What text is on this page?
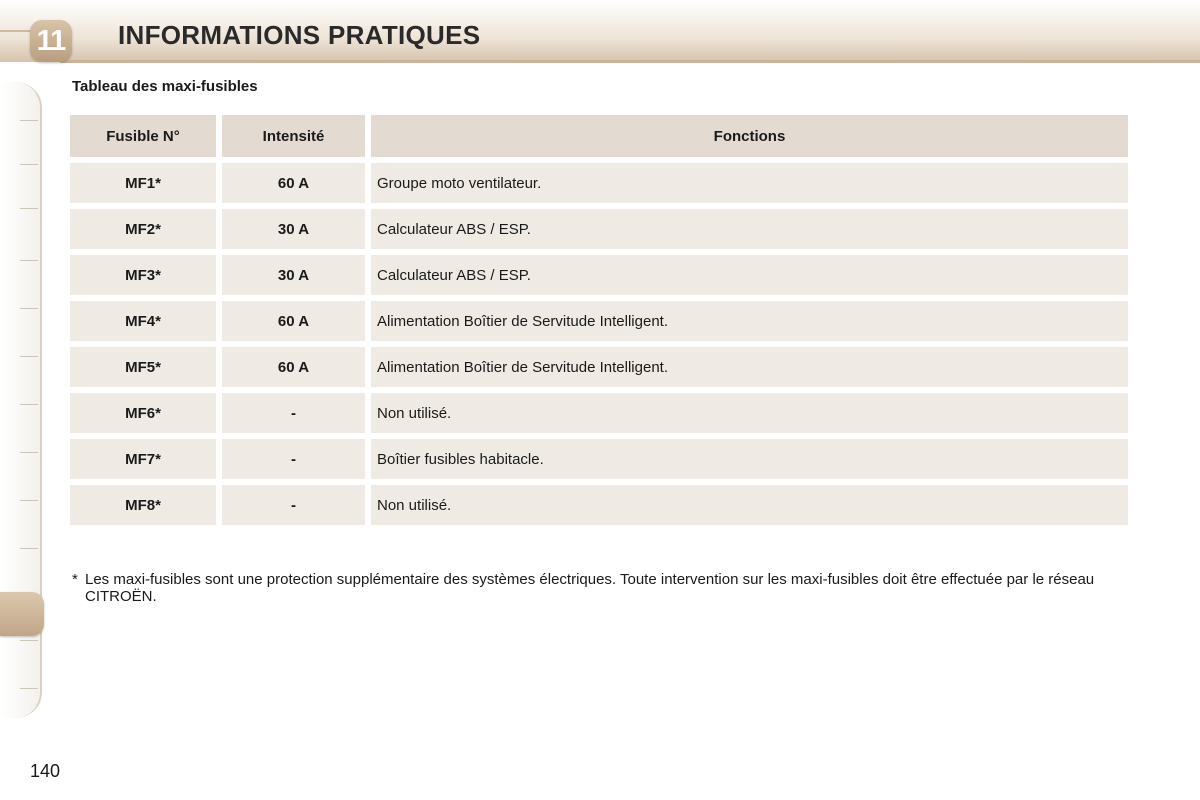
11 INFORMATIONS PRATIQUES
Tableau des maxi-fusibles
Fusible N°	Intensité	Fonctions
MF1*	60 A	Groupe moto ventilateur.
MF2*	30 A	Calculateur ABS / ESP.
MF3*	30 A	Calculateur ABS / ESP.
MF4*	60 A	Alimentation Boîtier de Servitude Intelligent.
MF5*	60 A	Alimentation Boîtier de Servitude Intelligent.
MF6*	-	Non utilisé.
MF7*	-	Boîtier fusibles habitacle.
MF8*	-	Non utilisé.
* Les maxi-fusibles sont une protection supplémentaire des systèmes électriques. Toute intervention sur les maxi-fusibles doit être effectuée par le réseau CITROËN.
140
